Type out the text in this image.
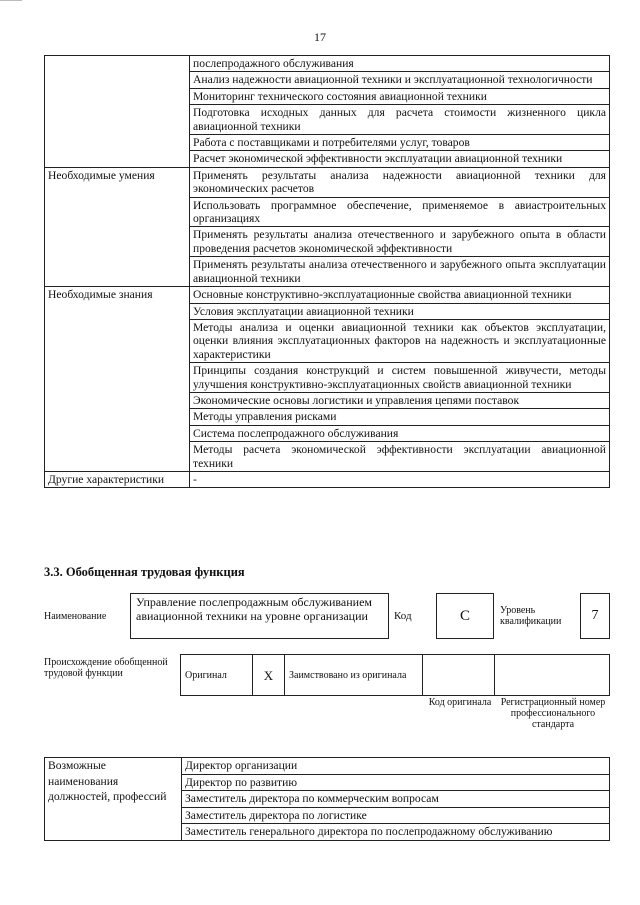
17
	послепродажного обслуживания
	Анализ надежности авиационной техники и эксплуатационной технологичности
	Мониторинг технического состояния авиационной техники
	Подготовка исходных данных для расчета стоимости жизненного цикла авиационной техники
	Работа с поставщиками и потребителями услуг, товаров
	Расчет экономической эффективности эксплуатации авиационной техники
Необходимые умения	Применять результаты анализа надежности авиационной техники для экономических расчетов
	Использовать программное обеспечение, применяемое в авиастроительных организациях
	Применять результаты анализа отечественного и зарубежного опыта в области проведения расчетов экономической эффективности
	Применять результаты анализа отечественного и зарубежного опыта эксплуатации авиационной техники
Необходимые знания	Основные конструктивно-эксплуатационные свойства авиационной техники
	Условия эксплуатации авиационной техники
	Методы анализа и оценки авиационной техники как объектов эксплуатации, оценки влияния эксплуатационных факторов на надежность и эксплуатационные характеристики
	Принципы создания конструкций и систем повышенной живучести, методы улучшения конструктивно-эксплуатационных свойств авиационной техники
	Экономические основы логистики и управления цепями поставок
	Методы управления рисками
	Система послепродажного обслуживания
	Методы расчета экономической эффективности эксплуатации авиационной техники
Другие характеристики	-
3.3. Обобщенная трудовая функция
Наименование
Управление послепродажным обслуживанием авиационной техники на уровне организации	Код	C	Уровень квалификации	7
Происхождение обобщенной трудовой функции	Оригинал	X	Заимствовано из оригинала		
Код оригинала Регистрационный номер профессионального стандарта
Возможные наименования должностей, профессий	
Директор организации
Директор по развитию
Заместитель директора по коммерческим вопросам
Заместитель директора по логистике
Заместитель генерального директора по послепродажному обслуживанию
